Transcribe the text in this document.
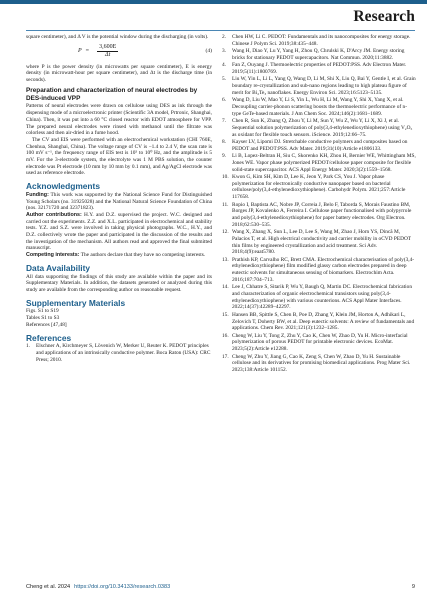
Research

square centimeter), and Δ V is the potential window during the discharging (in volts).

$P = \frac{3,600E}{\Delta t}$	(4)

where P is the power density (in microwatts per square centimeter), E is energy density (in microwatt-hour per square centimeter), and Δt is the discharge time (in seconds).

Preparation and characterization of neural electrodes by DES-induced VPP

Patterns of neural electrodes were drawn on cellulose using DES as ink through the dispensing mode of a microelectronic printer (Scientific 3A model, Prtronic, Shanghai, China). Then, it was put into a 60 °C closed reactor with EDOT atmosphere for VPP. The prepared neural electrodes were rinsed with methanol until the filtrate was colorless and then air-dried in a fume hood.

The CV and EIS were performed with an electrochemical workstation (CHI 760E, Chenhua, Shanghai, China). The voltage range of CV is −1.4 to 2.4 V, the scan rate is 100 mV s⁻¹, the frequency range of EIS test is 10⁵ to 10⁰ Hz, and the amplitude is 5 mV. For the 3-electrode system, the electrolyte was 1 M PBS solution, the counter electrode was Pt electrode (10 mm by 10 mm by 0.1 mm), and Ag/AgCl electrode was used as reference electrode.

Acknowledgments

Funding: This work was supported by the National Science Fund for Distinguished Young Scholars (no. 31925028) and the National Natural Science Foundation of China (nos. 32171720 and 32371823).

Author contributions: H.Y. and D.Z. supervised the project. W.C. designed and carried out the experiments. Z.Z. and X.L. participated in electrochemical and stability tests. Y.Z. and S.Z. were involved in taking physical photographs. W.C., H.Y., and D.Z. collectively wrote the paper and participated in the discussion of the results and the investigation of the mechanism. All authors read and approved the final submitted manuscript.

Competing interests: The authors declare that they have no competing interests.

Data Availability

All data supporting the findings of this study are available within the paper and its Supplementary Materials. In addition, the datasets generated or analyzed during this study are available from the corresponding author on reasonable request.

Supplementary Materials
Figs. S1 to S19
Tables S1 to S3
References [47,48]
References
1.	Elschner A, Kirchmeyer S, Lövenich W, Merker U, Reuter K. PEDOT principles and applications of an intrinsically conductive polymer. Boca Raton (USA): CRC Press; 2010.
2.	Chen HW, Li C. PEDOT: Fundamentals and its nanocomposites for energy storage. Chinese J Polym Sci. 2019;38:435–448.
3.	Wang H, Diao Y, Lu Y, Yang H, Zhou Q, Chrulski K, D'Arcy JM. Energy storing bricks for stationary PEDOT supercapacitors. Nat Commun. 2020;11:3882.
4.	Fan Z, Ouyang J. Thermoelectric properties of PEDOT:PSS. Adv Electron Mater. 2019;5(11):1800769.
5.	Liu W, Yin L, Li L, Yang Q, Wang D, Li M, Shi X, Liu Q, Bai Y, Gentle I, et al. Grain boundary re-crystallization and sub-nano regions leading to high plateau figure of merit for Bi₂Te₃ nanoflakes. Energy Environ Sci. 2023;16:5123–5135.
6.	Wang D, Liu W, Mao Y, Li S, Yin L, Wu H, Li M, Wang Y, Shi X, Yang X, et al. Decoupling carrier-phonon scattering boosts the thermoelectric performance of n-type GeTe-based materials. J Am Chem Soc. 2024;146(2):1681–1689.
7.	Chen R, Sun K, Zhang Q, Zhou Y, Li M, Sun Y, Wu Z, Wu Y, Li X, Xi J, et al. Sequential solution polymerization of poly(3,4-ethylenedioxythiophene) using V₂O₅ as oxidant for flexible touch sensors. iScience. 2019;12:66–75.
8.	Kayser LV, Lipomi DJ. Stretchable conductive polymers and composites based on PEDOT and PEDOT:PSS. Adv Mater. 2019;31(10):Article e1806133.
9.	Li B, Lopez-Beltran H, Siu C, Skorenko KH, Zhou H, Bernier WE, Whittingham MS, Jones WE. Vapor phase polymerized PEDOT/cellulose paper composite for flexible solid-state supercapacitor. ACS Appl Energy Mater. 2020;3(2):1559–1568.
10. Kwon G, Kim SH, Kim D, Lee K, Jeon Y, Park CS, You J. Vapor phase polymerization for electronically conductive nanopaper based on bacterial cellulose/poly(3,4-ethylenedioxythiophene). Carbohydr Polym. 2021;257:Article 117658.
11. Ropio I, Baptista AC, Nobre JP, Correia J, Belo F, Taborda S, Morais Faustino BM, Borges JP, Kovalenko A, Ferreira I. Cellulose paper functionalised with polypyrrole and poly(3,4-ethylenedioxythiophene) for paper battery electrodes. Org Electron. 2018;62:530–535.
12. Wang X, Zhang X, Sun L, Lee D, Lee S, Wang M, Zhao J, Horn YS, Dincă M, Palacios T, et al. High electrical conductivity and carrier mobility in oCVD PEDOT thin films by engineered crystallization and acid treatment. Sci Adv. 2018;4(9):eaat5780.
13. Prathish KP, Carvalho RC, Brett CMA. Electrochemical characterisation of poly(3,4-ethylenedioxythiophene) film modified glassy carbon electrodes prepared in deep eutectic solvents for simultaneous sensing of biomarkers. Electrochim Acta. 2016;187:704–713.
14. Lee J, Chhatre S, Sitarik P, Wu Y, Baugh Q, Martin DC. Electrochemical fabrication and characterization of organic electrochemical transistors using poly(3,4-ethylenedioxythiophene) with various counterions. ACS Appl Mater Interfaces. 2022;14(37):42289–42297.
15. Hansen BB, Spittle S, Chen B, Poe D, Zhang Y, Klein JM, Horton A, Adhikari L, Zelovich T, Doherty BW, et al. Deep eutectic solvents: A review of fundamentals and applications. Chem Rev. 2021;121(3):1232–1285.
16. Cheng W, Liu Y, Tong Z, Zhu Y, Cao K, Chen W, Zhao D, Yu H. Micro-interfacial polymerization of porous PEDOT for printable electronic devices. EcoMat. 2023;5(2):Article e12288.
17. Cheng W, Zhu Y, Jiang G, Cao K, Zeng S, Chen W, Zhao D, Yu H. Sustainable cellulose and its derivatives for promising biomedical applications. Prog Mater Sci. 2023;138:Article 101152.
Cheng et al. 2024 https://doi.org/10.34133/research.0383	9
